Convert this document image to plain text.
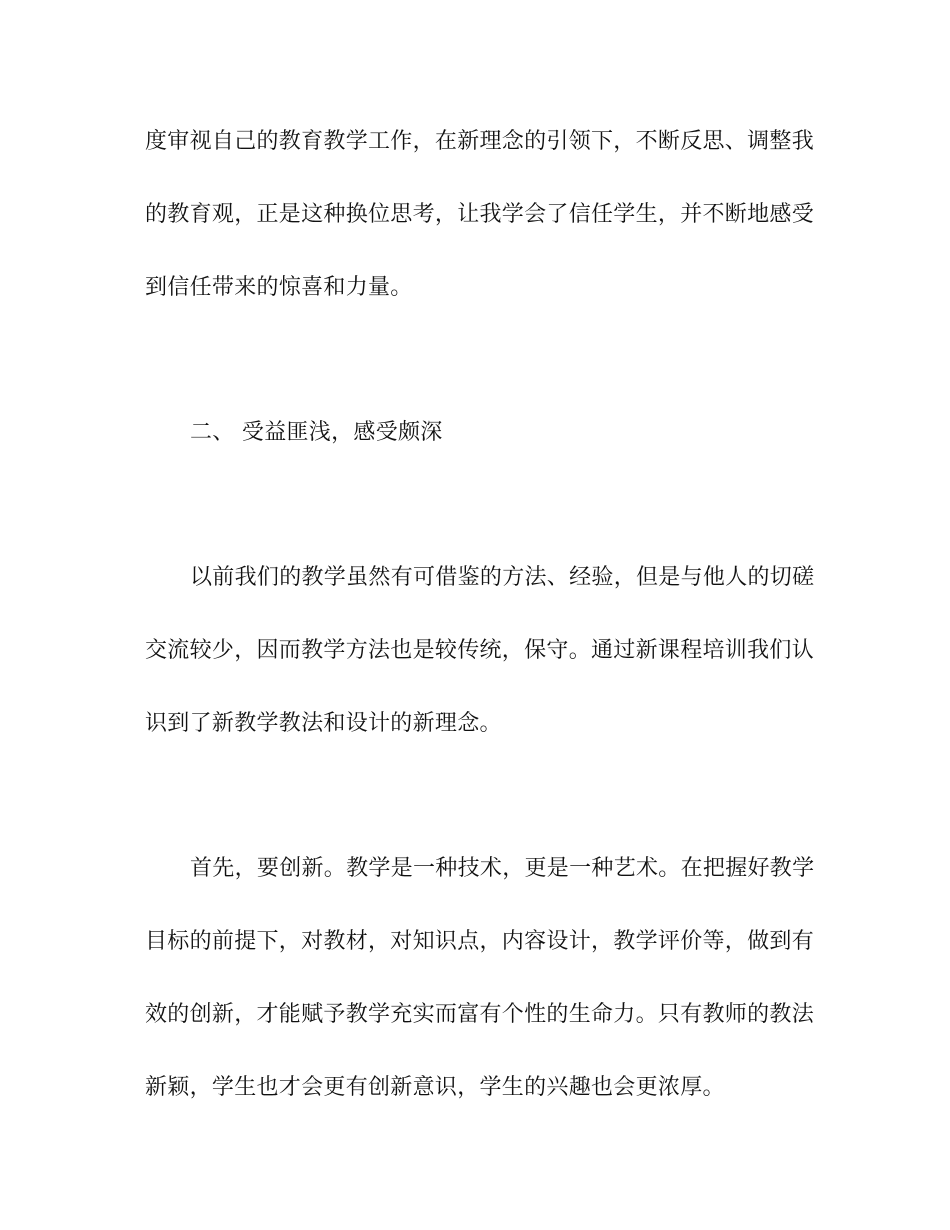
度审视自己的教育教学工作，在新理念的引领下，不断反思、调整我
的教育观，正是这种换位思考，让我学会了信任学生，并不断地感受
到信任带来的惊喜和力量。
二、 受益匪浅，感受颇深
以前我们的教学虽然有可借鉴的方法、经验，但是与他人的切磋
交流较少，因而教学方法也是较传统，保守。通过新课程培训我们认
识到了新教学教法和设计的新理念。
首先，要创新。教学是一种技术，更是一种艺术。在把握好教学
目标的前提下，对教材，对知识点，内容设计，教学评价等，做到有
效的创新，才能赋予教学充实而富有个性的生命力。只有教师的教法
新颖，学生也才会更有创新意识，学生的兴趣也会更浓厚。
